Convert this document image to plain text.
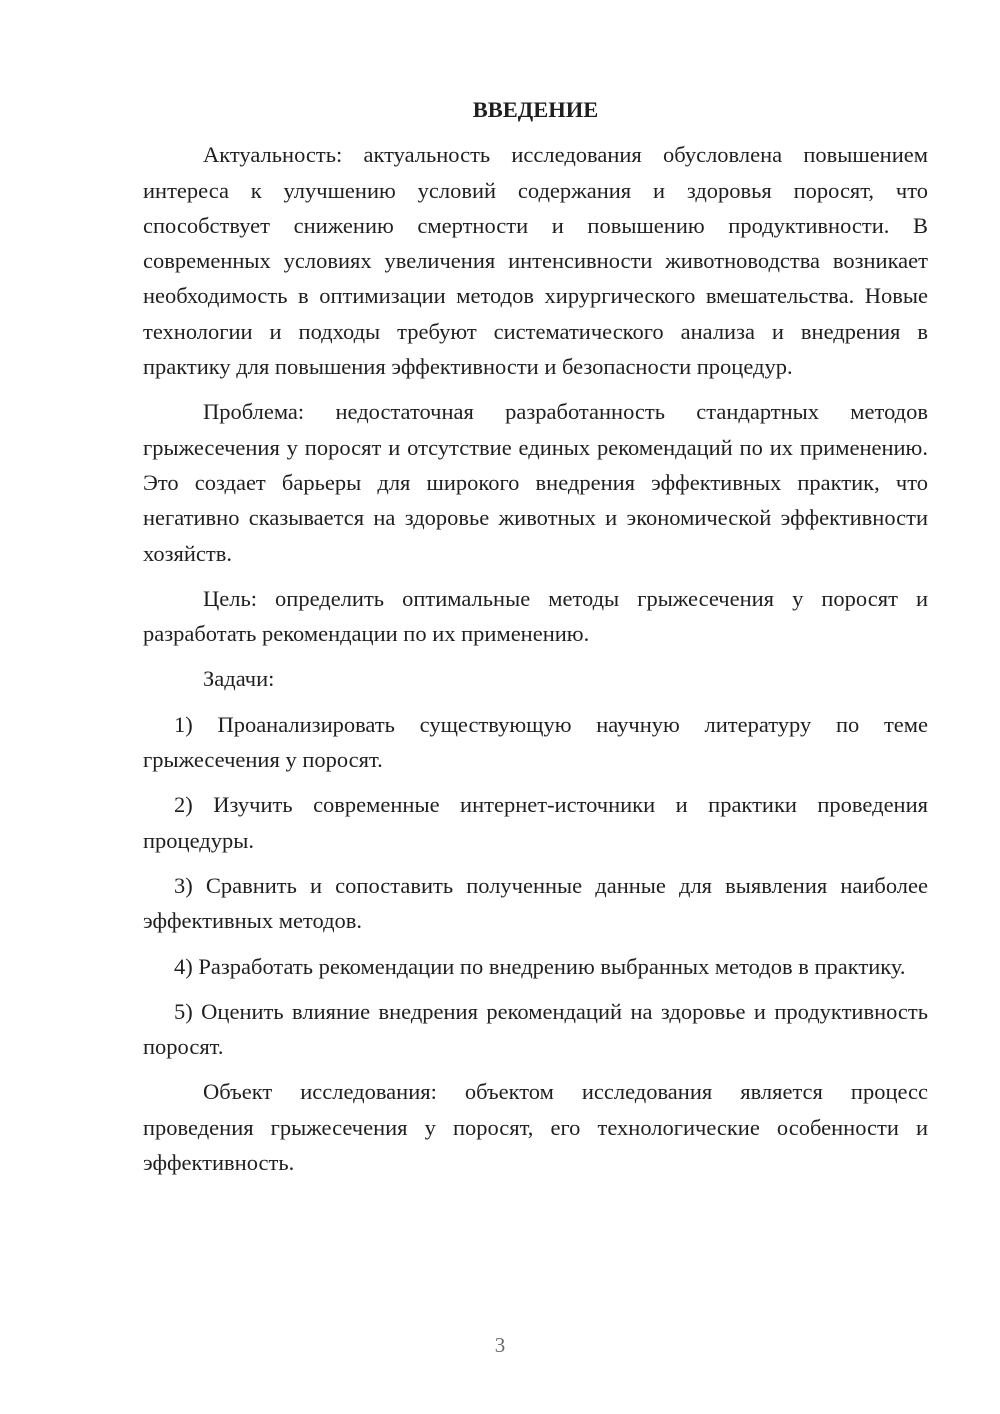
ВВЕДЕНИЕ

Актуальность: актуальность исследования обусловлена повышением интереса к улучшению условий содержания и здоровья поросят, что способствует снижению смертности и повышению продуктивности. В современных условиях увеличения интенсивности животноводства возникает необходимость в оптимизации методов хирургического вмешательства. Новые технологии и подходы требуют систематического анализа и внедрения в практику для повышения эффективности и безопасности процедур.

Проблема: недостаточная разработанность стандартных методов грыжесечения у поросят и отсутствие единых рекомендаций по их применению. Это создает барьеры для широкого внедрения эффективных практик, что негативно сказывается на здоровье животных и экономической эффективности хозяйств.

Цель: определить оптимальные методы грыжесечения у поросят и разработать рекомендации по их применению.

Задачи:

1) Проанализировать существующую научную литературу по теме грыжесечения у поросят.

2) Изучить современные интернет-источники и практики проведения процедуры.

3) Сравнить и сопоставить полученные данные для выявления наиболее эффективных методов.

4) Разработать рекомендации по внедрению выбранных методов в практику.

5) Оценить влияние внедрения рекомендаций на здоровье и продуктивность поросят.

Объект исследования: объектом исследования является процесс проведения грыжесечения у поросят, его технологические особенности и эффективность.

3
